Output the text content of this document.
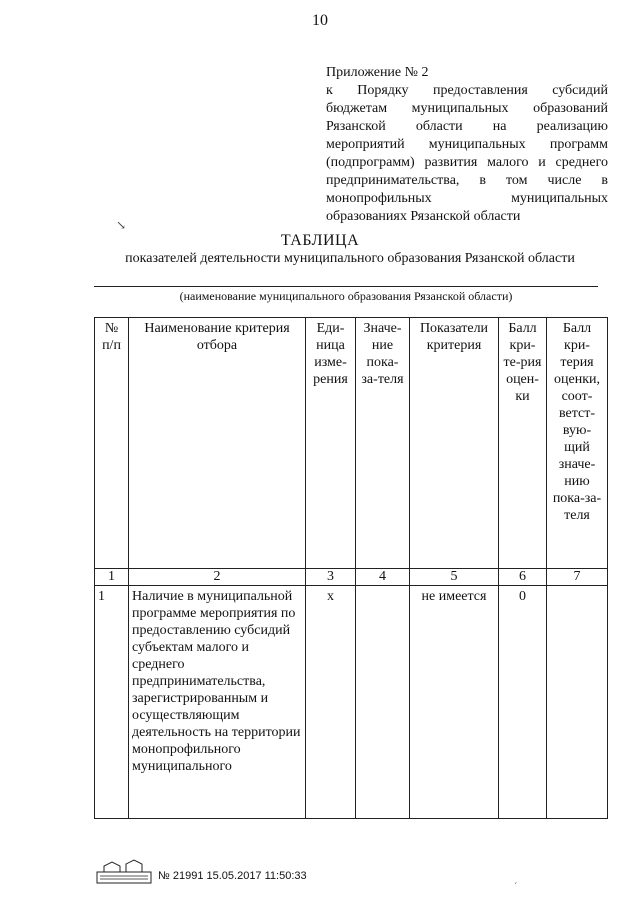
10

Приложение № 2

к Порядку предоставления субсидий бюджетам муниципальных образований Рязанской области на реализацию мероприятий муниципальных программ (подпрограмм) развития малого и среднего предпринимательства, в том числе в монопрофильных муниципальных образованиях Рязанской области

↘
ТАБЛИЦА
показателей деятельности муниципального образования Рязанской области
(наименование муниципального образования Рязанской области)
№ п/п	Наименование критерия отбора	Еди-ница изме-рения	Значе-ние пока-за-теля	Показатели критерия	Балл кри-те-рия оцен-ки	Балл кри-терия оценки, соот-ветст-вую-щий значе-нию пока-за-теля
1	2	3	4	5	6	7
1	Наличие в муниципальной программе мероприятия по предоставлению субсидий субъектам малого и среднего предпринимательства, зарегистрированным и осуществляющим деятельность на территории монопрофильного муниципального	x		не имеется	0	
№ 21991 15.05.2017 11:50:33
´
